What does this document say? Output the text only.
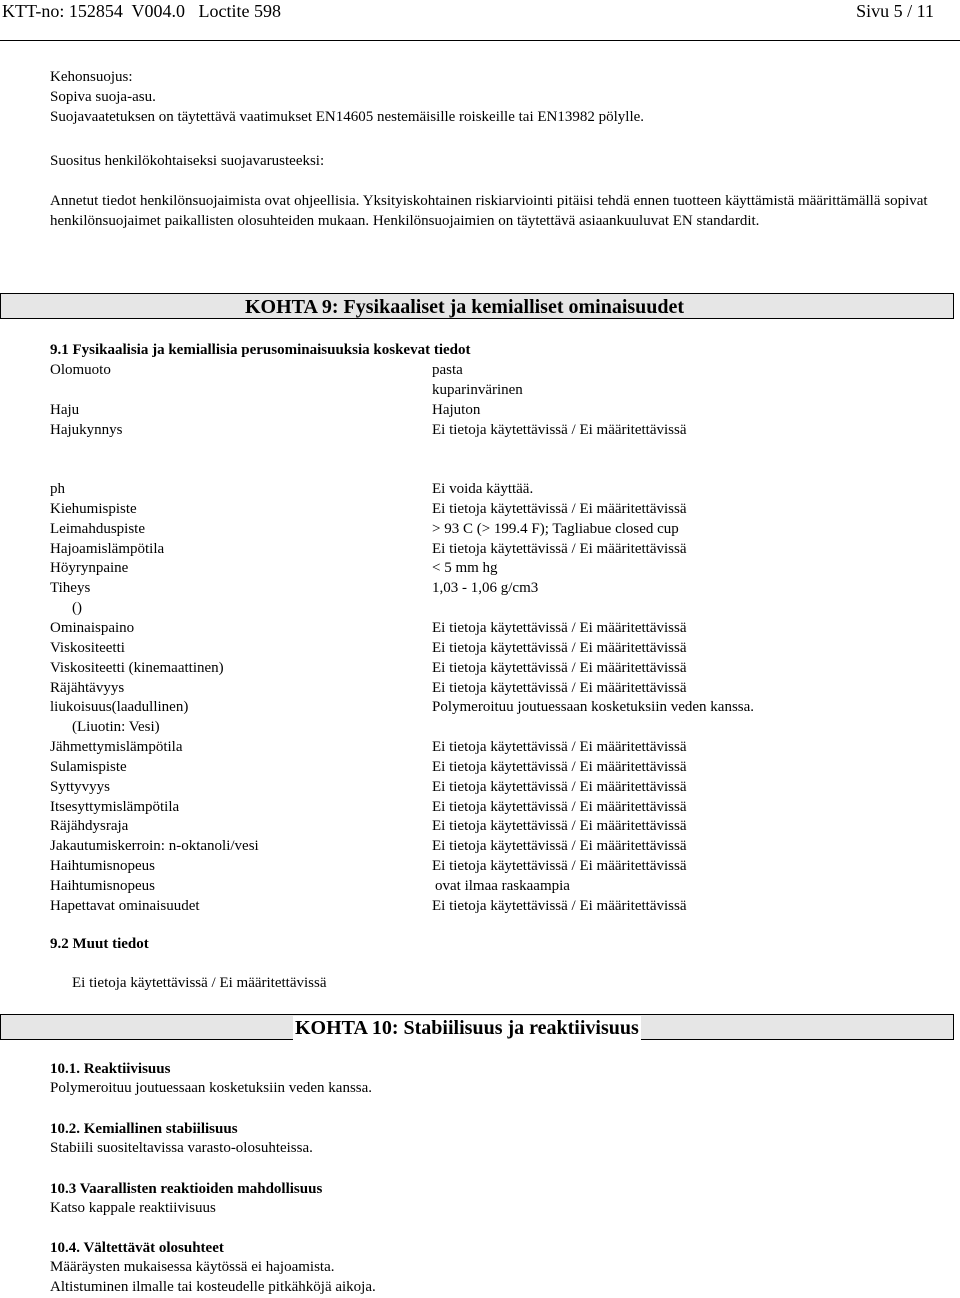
KTT-no: 152854  V004.0   Loctite 598	Sivu 5 / 11
Kehonsuojus:
Sopiva suoja-asu.
Suojavaatetuksen on täytettävä vaatimukset EN14605 nestemäisille roiskeille tai EN13982 pölylle.
Suositus henkilökohtaiseksi suojavarusteeksi:
Annetut tiedot henkilönsuojaimista ovat ohjeellisia. Yksityiskohtainen riskiarviointi pitäisi tehdä ennen tuotteen käyttämistä määrittämällä sopivat henkilönsuojaimet paikallisten olosuhteiden mukaan. Henkilönsuojaimien on täytettävä asiaankuuluvat EN standardit.
KOHTA 9: Fysikaaliset ja kemialliset ominaisuudet
9.1 Fysikaalisia ja kemiallisia perusominaisuuksia koskevat tiedot
Olomuoto	pasta
kuparinvärinen
Haju	Hajuton
Hajukynnys	Ei tietoja käytettävissä / Ei määritettävissä
ph	Ei voida käyttää.
Kiehumispiste	Ei tietoja käytettävissä / Ei määritettävissä
Leimahduspiste	> 93 C (> 199.4 F); Tagliabue closed cup
Hajoamislämpötila	Ei tietoja käytettävissä / Ei määritettävissä
Höyrynpaine	< 5 mm hg
Tiheys	1,03 - 1,06 g/cm3
()
Ominaispaino	Ei tietoja käytettävissä / Ei määritettävissä
Viskositeetti	Ei tietoja käytettävissä / Ei määritettävissä
Viskositeetti (kinemaattinen)	Ei tietoja käytettävissä / Ei määritettävissä
Räjähtävyys	Ei tietoja käytettävissä / Ei määritettävissä
liukoisuus(laadullinen)	Polymeroituu joutuessaan kosketuksiin veden kanssa.
(Liuotin: Vesi)
Jähmettymislämpötila	Ei tietoja käytettävissä / Ei määritettävissä
Sulamispiste	Ei tietoja käytettävissä / Ei määritettävissä
Syttyvyys	Ei tietoja käytettävissä / Ei määritettävissä
Itsesyttymislämpötila	Ei tietoja käytettävissä / Ei määritettävissä
Räjähdysraja	Ei tietoja käytettävissä / Ei määritettävissä
Jakautumiskerroin: n-oktanoli/vesi	Ei tietoja käytettävissä / Ei määritettävissä
Haihtumisnopeus	Ei tietoja käytettävissä / Ei määritettävissä
Haihtumisnopeus	ovat ilmaa raskaampia
Hapettavat ominaisuudet	Ei tietoja käytettävissä / Ei määritettävissä
9.2 Muut tiedot
Ei tietoja käytettävissä / Ei määritettävissä
KOHTA 10: Stabiilisuus ja reaktiivisuus
10.1. Reaktiivisuus
Polymeroituu joutuessaan kosketuksiin veden kanssa.
10.2. Kemiallinen stabiilisuus
Stabiili suositeltavissa varasto-olosuhteissa.
10.3 Vaarallisten reaktioiden mahdollisuus
Katso kappale reaktiivisuus
10.4. Vältettävät olosuhteet
Määräysten mukaisessa käytössä ei hajoamista.
Altistuminen ilmalle tai kosteudelle pitkähköjä aikoja.
